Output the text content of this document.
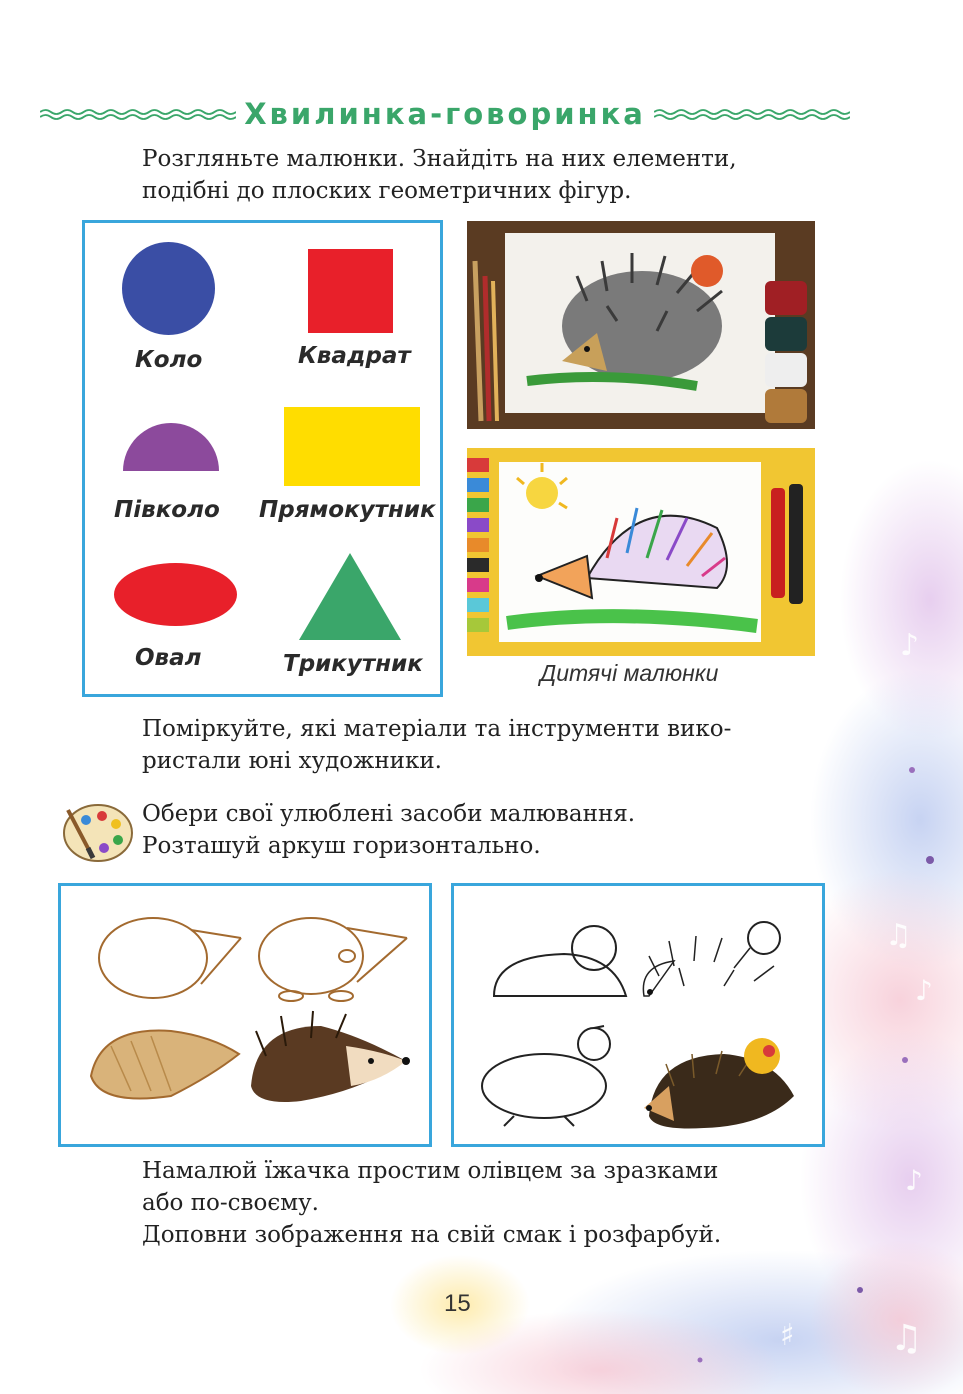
♪
♫
♪
♪
♯	♫
Хвилинка-говоринка
Розгляньте малюнки. Знайдіть на них елементи,
подібні до плоских геометричних фігур.
Коло	Квадрат
Півколо Прямокутник
Овал	Трикутник	Дитячі малюнки
Поміркуйте, які матеріали та інструменти вико-
ристали юні художники.
Обери свої улюблені засоби малювання.
Розташуй аркуш горизонтально.
Намалюй їжачка простим олівцем за зразками
або по-своєму.
Доповни зображення на свій смак і розфарбуй.
15
